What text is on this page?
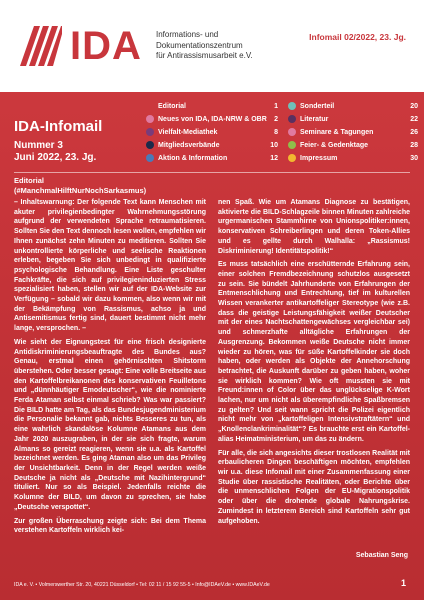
IDA Informations- und
Dokumentationszentrum
für Antirassismusarbeit e.V.
Infomail 02/2022, 23. Jg.
IDA-Infomail
Nummer 3
Juni 2022, 23. Jg.
Editorial	1
Neues von IDA, IDA-NRW & OBR	2
Vielfalt-Mediathek	8
Mitgliedsverbände	10
Aktion & Information	12
Sonderteil	20
Literatur	22
Seminare & Tagungen	26
Feier- & Gedenktage	28
Impressum	30
Editorial
(#ManchmalHilftNurNochSarkasmus)

– Inhaltswarnung: Der folgende Text kann Menschen mit akuter privilegienbedingter Wahrnehmungsstörung aufgrund der verwendeten Sprache retraumatisieren. Sollten Sie den Text dennoch lesen wollen, empfehlen wir Ihnen zunächst zehn Minuten zu meditieren. Sollten Sie unkontrollierte körperliche und seelische Reaktionen erleben, begeben Sie sich unbedingt in qualifizierte psychologische Behandlung. Eine Liste geschulter Fachkräfte, die sich auf privilegieninduzierten Stress spezialisiert haben, stellen wir auf der IDA-Website zur Verfügung – sobald wir dazu kommen, also wenn wir mit der Bekämpfung von Rassismus, achso ja und Antisemitismus fertig sind, dauert bestimmt nicht mehr lange, versprochen. –

Wie sieht der Eignungstest für eine frisch designierte Antidiskriminierungsbeauftragte des Bundes aus? Genau, erstmal einen gehörnischten Shitstorm überstehen. Oder besser gesagt: Eine volle Breitseite aus den Kartoffelbreikanonen des konservativen Feuilletons und „dünnhäutiger Emodeutscher“, wie die nominierte Ferda Ataman selbst einmal schrieb? Was war passiert? Die BILD hatte am Tag, als das Bundesjugendministerium die Personalie bekannt gab, nichts Besseres zu tun, als eine wahrlich skandalöse Kolumne Atamans aus dem Jahr 2020 auszugraben, in der sie sich fragte, warum Almans so gereizt reagieren, wenn sie u.a. als Kartoffel bezeichnet werden. Es ging Ataman also um das Privileg der Unsichtbarkeit. Denn in der Regel werden weiße Deutsche ja nicht als „Deutsche mit Nazihintergrund“ tituliert. Nur so als Beispiel. Jedenfalls reichte die Kolumne der BILD, um davon zu sprechen, sie habe „Deutsche verspottet“.

Zur großen Überraschung zeigte sich: Bei dem Thema verstehen Kartoffeln wirklich kei-

nen Spaß. Wie um Atamans Diagnose zu bestätigen, aktivierte die BILD-Schlagzeile binnen Minuten zahlreiche urgermanischen Stammhirne von Unionspolitiker:innen, konservativen Schreiberlingen und deren Token-Allies und es gellte durch Walhalla: „Rassismus! Diskriminierung! Identitätspolitik!“

Es muss tatsächlich eine erschütternde Erfahrung sein, einer solchen Fremdbezeichnung schutzlos ausgesetzt zu sein. Sie bündelt Jahrhunderte von Erfahrungen der Entmenschlichung und Entrechtung, tief im kulturellen Wissen verankerter antikartoffeliger Stereotype (wie z.B. dass die geistige Leistungsfähigkeit weißer Deutscher mit der eines Nachtschattengewächses vergleichbar sei) und schmerzhafte alltägliche Erfahrungen der Ausgrenzung. Bekommen weiße Deutsche nicht immer wieder zu hören, was für süße Kartoffelkinder sie doch haben, oder werden als Objekte der Annehorschung betrachtet, die Auskunft darüber zu geben haben, woher sie wirklich kommen? Wie oft mussten sie mit Freund:innen of Color über das unglückselige K-Wort lachen, nur um nicht als überempfindliche Spaßbremsen zu gelten? Und seit wann spricht die Polizei eigentlich nicht mehr von „kartoffeligen Intensivstraftätern“ und „Knollenclankriminalität“? Es brauchte erst ein Kartoffel- alias Heimatministerium, um das zu ändern.

Für alle, die sich angesichts dieser trostlosen Realität mit erbaulicheren Dingen beschäftigen möchten, empfehlen wir u.a. diese Infomail mit einer Zusammenfassung einer Studie über rassistische Realitäten, oder Berichte über die unmenschlichen Folgen der EU-Migrationspolitik oder über die drohende globale Nahrungskrise. Zumindest in letzterem Bereich sind Kartoffeln sehr gut aufgehoben.

Sebastian Seng
IDA e. V. • Volmerswerther Str. 20, 40221 Düsseldorf • Tel: 02 11 / 15 92 55-5 • Info@IDAeV.de • www.IDAeV.de	1
